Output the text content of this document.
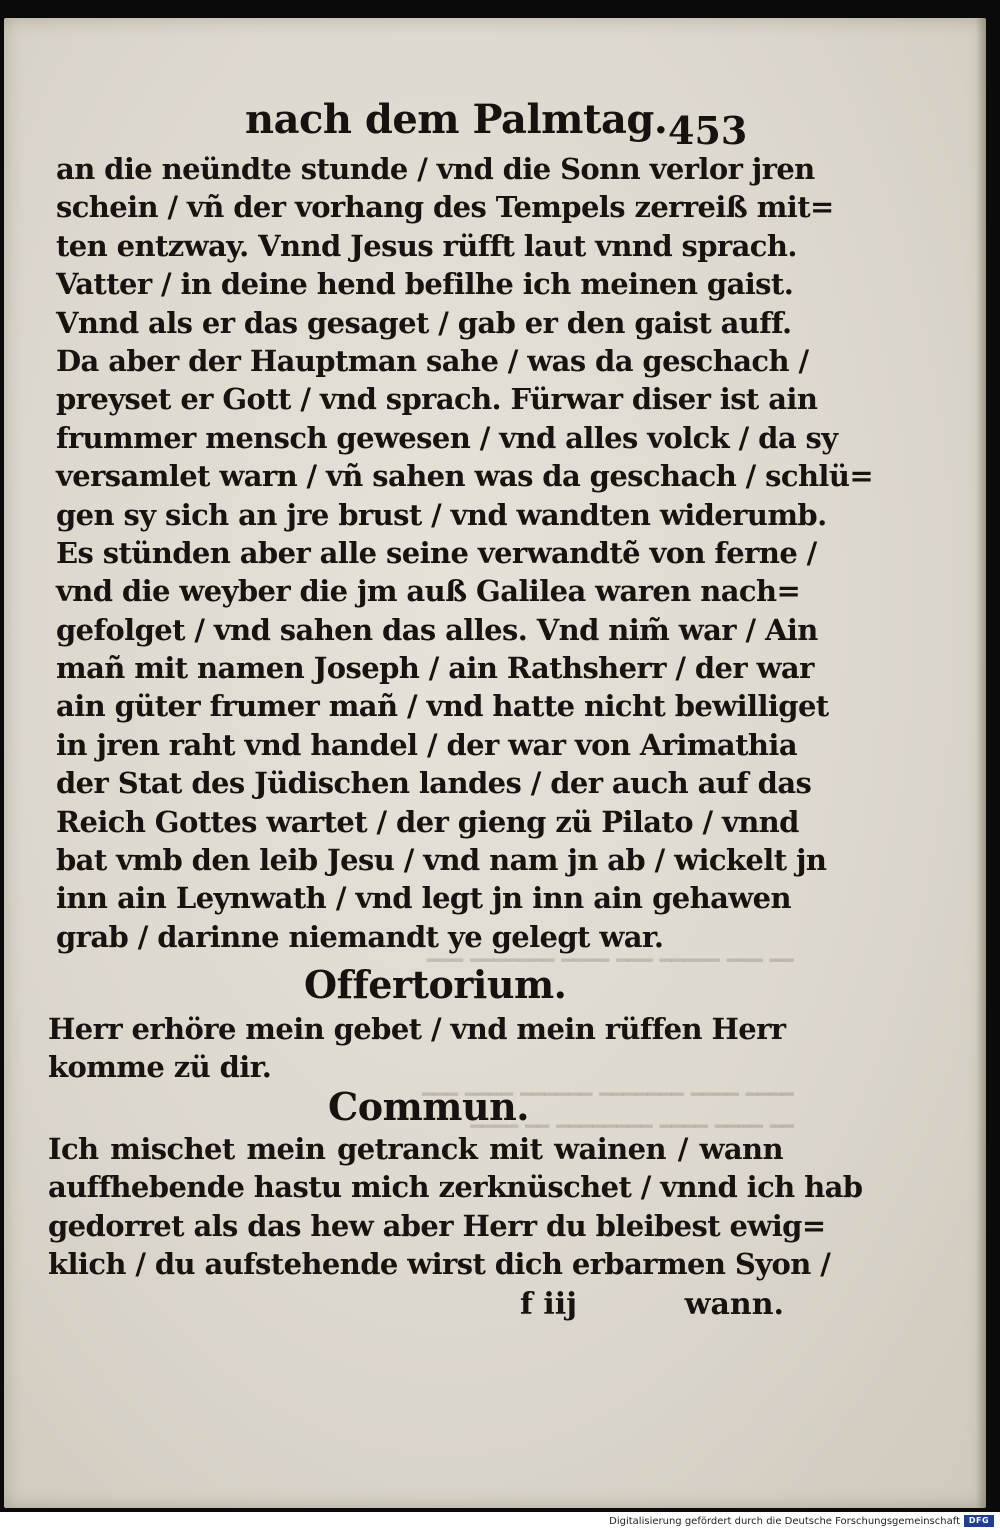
━━ ━━━ ━━━━━ ━━━ ━━━━ ━━━━━━━ ━━━
━━━━ ━━━━ ━━━━━━━ ━━━━━━ ━━━━ ━━━
━━ ━━━━ ━━━━ ━━━━━━━━ ━━ ━━━━
nach dem Palmtag. 453
an die neündte stunde / vnd die Sonn verlor jren
schein / vñ der vorhang des Tempels zerreiß mit=
ten entzway. Vnnd Jesus rüfft laut vnnd sprach.
Vatter / in deine hend befilhe ich meinen gaist.
Vnnd als er das gesaget / gab er den gaist auff.
Da aber der Hauptman sahe / was da geschach /
preyset er Gott / vnd sprach. Fürwar diser ist ain
frummer mensch gewesen / vnd alles volck / da sy
versamlet warn / vñ sahen was da geschach / schlü=
gen sy sich an jre brust / vnd wandten widerumb.
Es stünden aber alle seine verwandtẽ von ferne /
vnd die weyber die jm auß Galilea waren nach=
gefolget / vnd sahen das alles. Vnd nim̃ war / Ain
mañ mit namen Joseph / ain Rathsherr / der war
ain güter frumer mañ / vnd hatte nicht bewilliget
in jren raht vnd handel / der war von Arimathia
der Stat des Jüdischen landes / der auch auf das
Reich Gottes wartet / der gieng zü Pilato / vnnd
bat vmb den leib Jesu / vnd nam jn ab / wickelt jn
inn ain Leynwath / vnd legt jn inn ain gehawen
grab / darinne niemandt ye gelegt war.
Offertorium.
Herr erhöre mein gebet / vnd mein rüffen Herr
komme zü dir.
Commun.
Ich mischet mein getranck mit wainen / wann
auffhebende hastu mich zerknüschet / vnnd ich hab
gedorret als das hew aber Herr du bleibest ewig=
klich / du aufstehende wirst dich erbarmen Syon /
f iij	wann.
Digitalisierung gefördert durch die Deutsche Forschungsgemeinschaft	DFG
